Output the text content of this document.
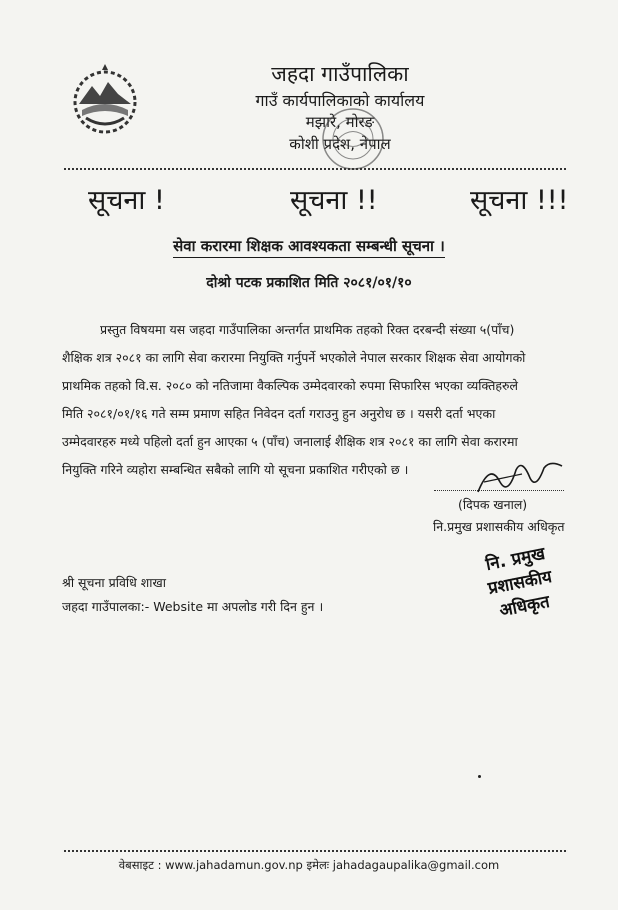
जहदा गाउँपालिका
गाउँ कार्यपालिकाको कार्यालय
मझारे, मोरङ
कोशी प्रदेश, नेपाल
सूचना !	सूचना !!	सूचना !!!
सेवा करारमा शिक्षक आवश्यकता सम्बन्धी सूचना ।
दोश्रो पटक प्रकाशित मिति २०८१/०१/१०
प्रस्तुत विषयमा यस जहदा गाउँपालिका अन्तर्गत प्राथमिक तहको रिक्त दरबन्दी संख्या ५(पाँच)
शैक्षिक शत्र २०८१ का लागि सेवा करारमा नियुक्ति गर्नुपर्ने भएकोले नेपाल सरकार शिक्षक सेवा आयोगको
प्राथमिक तहको वि.स. २०८० को नतिजामा वैकल्पिक उम्मेदवारको रुपमा सिफारिस भएका व्यक्तिहरुले
मिति २०८१/०१/१६ गते सम्म प्रमाण सहित निवेदन दर्ता गराउनु हुन अनुरोध छ । यसरी दर्ता भएका
उम्मेदवारहरु मध्ये पहिलो दर्ता हुन आएका ५ (पाँच) जनालाई शैक्षिक शत्र २०८१ का लागि सेवा करारमा
नियुक्ति गरिने व्यहोरा सम्बन्धित सबैको लागि यो सूचना प्रकाशित गरीएको छ ।
(दिपक खनाल)
नि.प्रमुख प्रशासकीय अधिकृत
नि. प्रमुख प्रशासकीय
अधिकृत
श्री सूचना प्रविधि शाखा
जहदा गाउँपालका:- Website मा अपलोड गरी दिन हुन ।
वेबसाइट : www.jahadamun.gov.np इमेलः jahadagaupalika@gmail.com
